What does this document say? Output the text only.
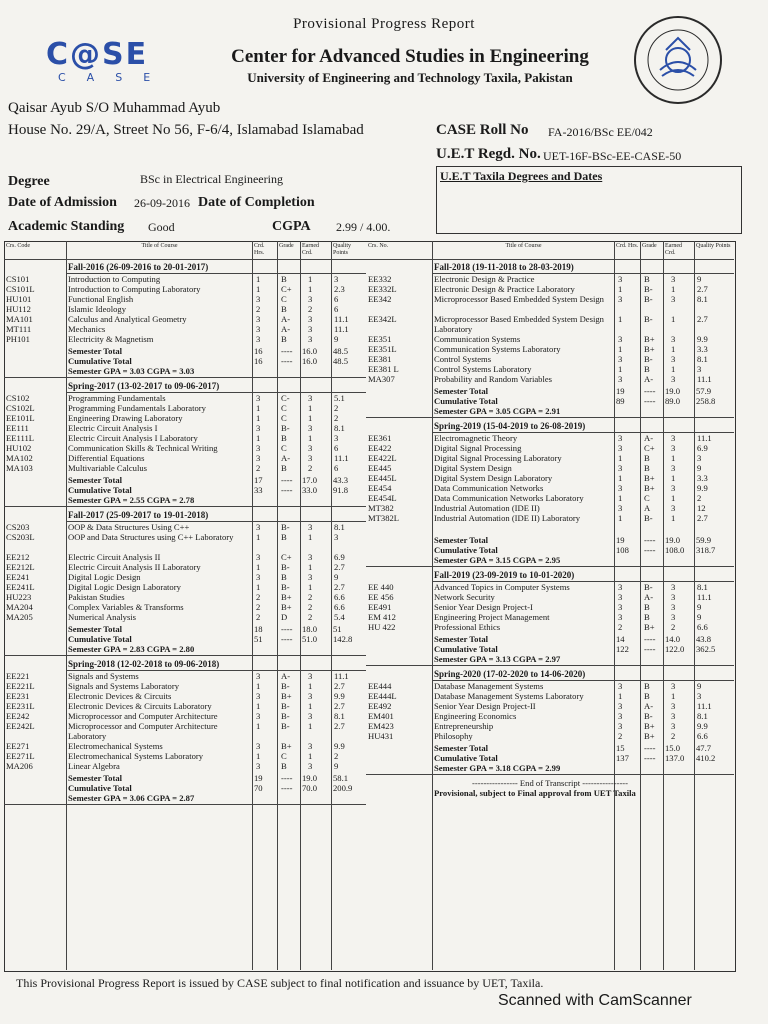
Provisional Progress Report
C@SE
CASE
Center for Advanced Studies in Engineering
University of Engineering and Technology Taxila, Pakistan
Qaisar Ayub S/O Muhammad Ayub
House No. 29/A, Street No 56, F-6/4, Islamabad Islamabad	CASE Roll No FA-2016/BSc EE/042
U.E.T Regd. No. UET-16F-BSc-EE-CASE-50
U.E.T Taxila Degrees and Dates
Degree	BSc in Electrical Engineering
Date of Admission 26-09-2016 Date of Completion
Academic Standing Good	CGPA 2.99 / 4.00.
Crs. Code	Title of Course	Crd. Hrs.
Grade	Earned Crd.
Quality Points
Fall-2016 (26-09-2016 to 20-01-2017)
CS101	Introduction to Computing	1 B 1	3
CS101L	Introduction to Computing Laboratory	1 C+ 1	2.3
HU101	Functional English	3 C 3	6
HU112	Islamic Ideology	2 B 2	6
MA101	Calculus and Analytical Geometry	3 A- 3	11.1
MT111	Mechanics	3 A- 3	11.1
PH101	Electricity & Magnetism	3 B 3	9
Semester Total	16 ---- 16.0 48.5
Cumulative Total	16 ---- 16.0 48.5
Semester GPA = 3.03 CGPA = 3.03
Spring-2017 (13-02-2017 to 09-06-2017)
CS102	Programming Fundamentals	3 C- 3	5.1
CS102L	Programming Fundamentals Laboratory	1 C 1	2
EE101L	Engineering Drawing Laboratory	1 C 1	2
EE111	Electric Circuit Analysis I	3 B- 3	8.1
EE111L	Electric Circuit Analysis I Laboratory	1 B 1	3
HU102	Communication Skills & Technical Writing	3 C 3	6
MA102	Differential Equations	3 A- 3	11.1
MA103	Multivariable Calculus	2 B 2	6
Semester Total	17 ---- 17.0 43.3
Cumulative Total	33 ---- 33.0 91.8
Semester GPA = 2.55 CGPA = 2.78
Fall-2017 (25-09-2017 to 19-01-2018)
CS203	OOP & Data Structures Using C++	3 B- 3	8.1
CS203L	OOP and Data Structures using C++ Laboratory	1 B 1	3
EE212	Electric Circuit Analysis II	3 C+ 3	6.9
EE212L	Electric Circuit Analysis II Laboratory	1 B- 1	2.7
EE241	Digital Logic Design	3 B 3	9
EE241L	Digital Logic Design Laboratory	1 B- 1	2.7
HU223	Pakistan Studies	2 B+ 2	6.6
MA204	Complex Variables & Transforms	2 B+ 2	6.6
MA205	Numerical Analysis	2 D 2	5.4
Semester Total	18 ---- 18.0 51
Cumulative Total	51 ---- 51.0 142.8
Semester GPA = 2.83 CGPA = 2.80
Spring-2018 (12-02-2018 to 09-06-2018)
EE221	Signals and Systems	3 A- 3	11.1
EE221L	Signals and Systems Laboratory	1 B- 1	2.7
EE231	Electronic Devices & Circuits	3 B+ 3	9.9
EE231L	Electronic Devices & Circuits Laboratory	1 B- 1	2.7
EE242	Microprocessor and Computer Architecture	3 B- 3	8.1
EE242L	Microprocessor and Computer Architecture Laboratory
1 B- 1	2.7
EE271	Electromechanical Systems	3 B+ 3	9.9
EE271L	Electromechanical Systems Laboratory	1 C 1	2
MA206	Linear Algebra	3 B 3	9
Semester Total	19 ---- 19.0 58.1
Cumulative Total	70 ---- 70.0 200.9
Semester GPA = 3.06 CGPA = 2.87
Crs. No.	Title of Course	Crd. Hrs. Grade	Earned Crd.
Quality Points
Fall-2018 (19-11-2018 to 28-03-2019)
EE332	Electronic Design & Practice	3	B 3	9
EE332L	Electronic Design & Practice Laboratory	1	B- 1	2.7
EE342	Microprocessor Based Embedded System Design	3	B- 3	8.1
EE342L	Microprocessor Based Embedded System Design Laboratory
1	B- 1	2.7
EE351	Communication Systems	3	B+ 3	9.9
EE351L	Communication Systems Laboratory	1	B+ 1	3.3
EE381	Control Systems	3	B- 3	8.1
EE381 L	Control Systems Laboratory	1	B 1	3
MA307	Probability and Random Variables	3	A- 3	11.1
Semester Total	19 ---- 19.0 57.9
Cumulative Total	89 ---- 89.0 258.8
Semester GPA = 3.05 CGPA = 2.91
Spring-2019 (15-04-2019 to 26-08-2019)
EE361	Electromagnetic Theory	3	A- 3	11.1
EE422	Digital Signal Processing	3	C+ 3	6.9
EE422L	Digital Signal Processing Laboratory	1	B 1	3
EE445	Digital System Design	3	B 3	9
EE445L	Digital System Design Laboratory	1	B+ 1	3.3
EE454	Data Communication Networks	3	B+ 3	9.9
EE454L	Data Communication Networks Laboratory	1	C 1	2
MT382	Industrial Automation (IDE II)	3	A 3	12
MT382L	Industrial Automation (IDE II) Laboratory	1	B- 1	2.7
Semester Total	19 ---- 19.0 59.9
Cumulative Total	108 ---- 108.0 318.7
Semester GPA = 3.15 CGPA = 2.95
Fall-2019 (23-09-2019 to 10-01-2020)
EE 440	Advanced Topics in Computer Systems	3	B- 3	8.1
EE 456	Network Security	3	A- 3	11.1
EE491	Senior Year Design Project-I	3	B 3	9
EM 412	Engineering Project Management	3	B 3	9
HU 422	Professional Ethics	2	B+ 2	6.6
Semester Total	14 ---- 14.0 43.8
Cumulative Total	122 ---- 122.0 362.5
Semester GPA = 3.13 CGPA = 2.97
Spring-2020 (17-02-2020 to 14-06-2020)
EE444	Database Management Systems	3	B 3	9
EE444L	Database Management Systems Laboratory	1	B 1	3
EE492	Senior Year Design Project-II	3	A- 3	11.1
EM401	Engineering Economics	3	B- 3	8.1
EM423	Entrepreneurship	3	B+ 3	9.9
HU431	Philosophy	2	B+ 2	6.6
Semester Total	15 ---- 15.0 47.7
Cumulative Total	137 ---- 137.0 410.2
Semester GPA = 3.18 CGPA = 2.99
---------------- End of Transcript ----------------
Provisional, subject to Final approval from UET Taxila
This Provisional Progress Report is issued by CASE subject to final notification and issuance by UET, Taxila.
Scanned with CamScanner
